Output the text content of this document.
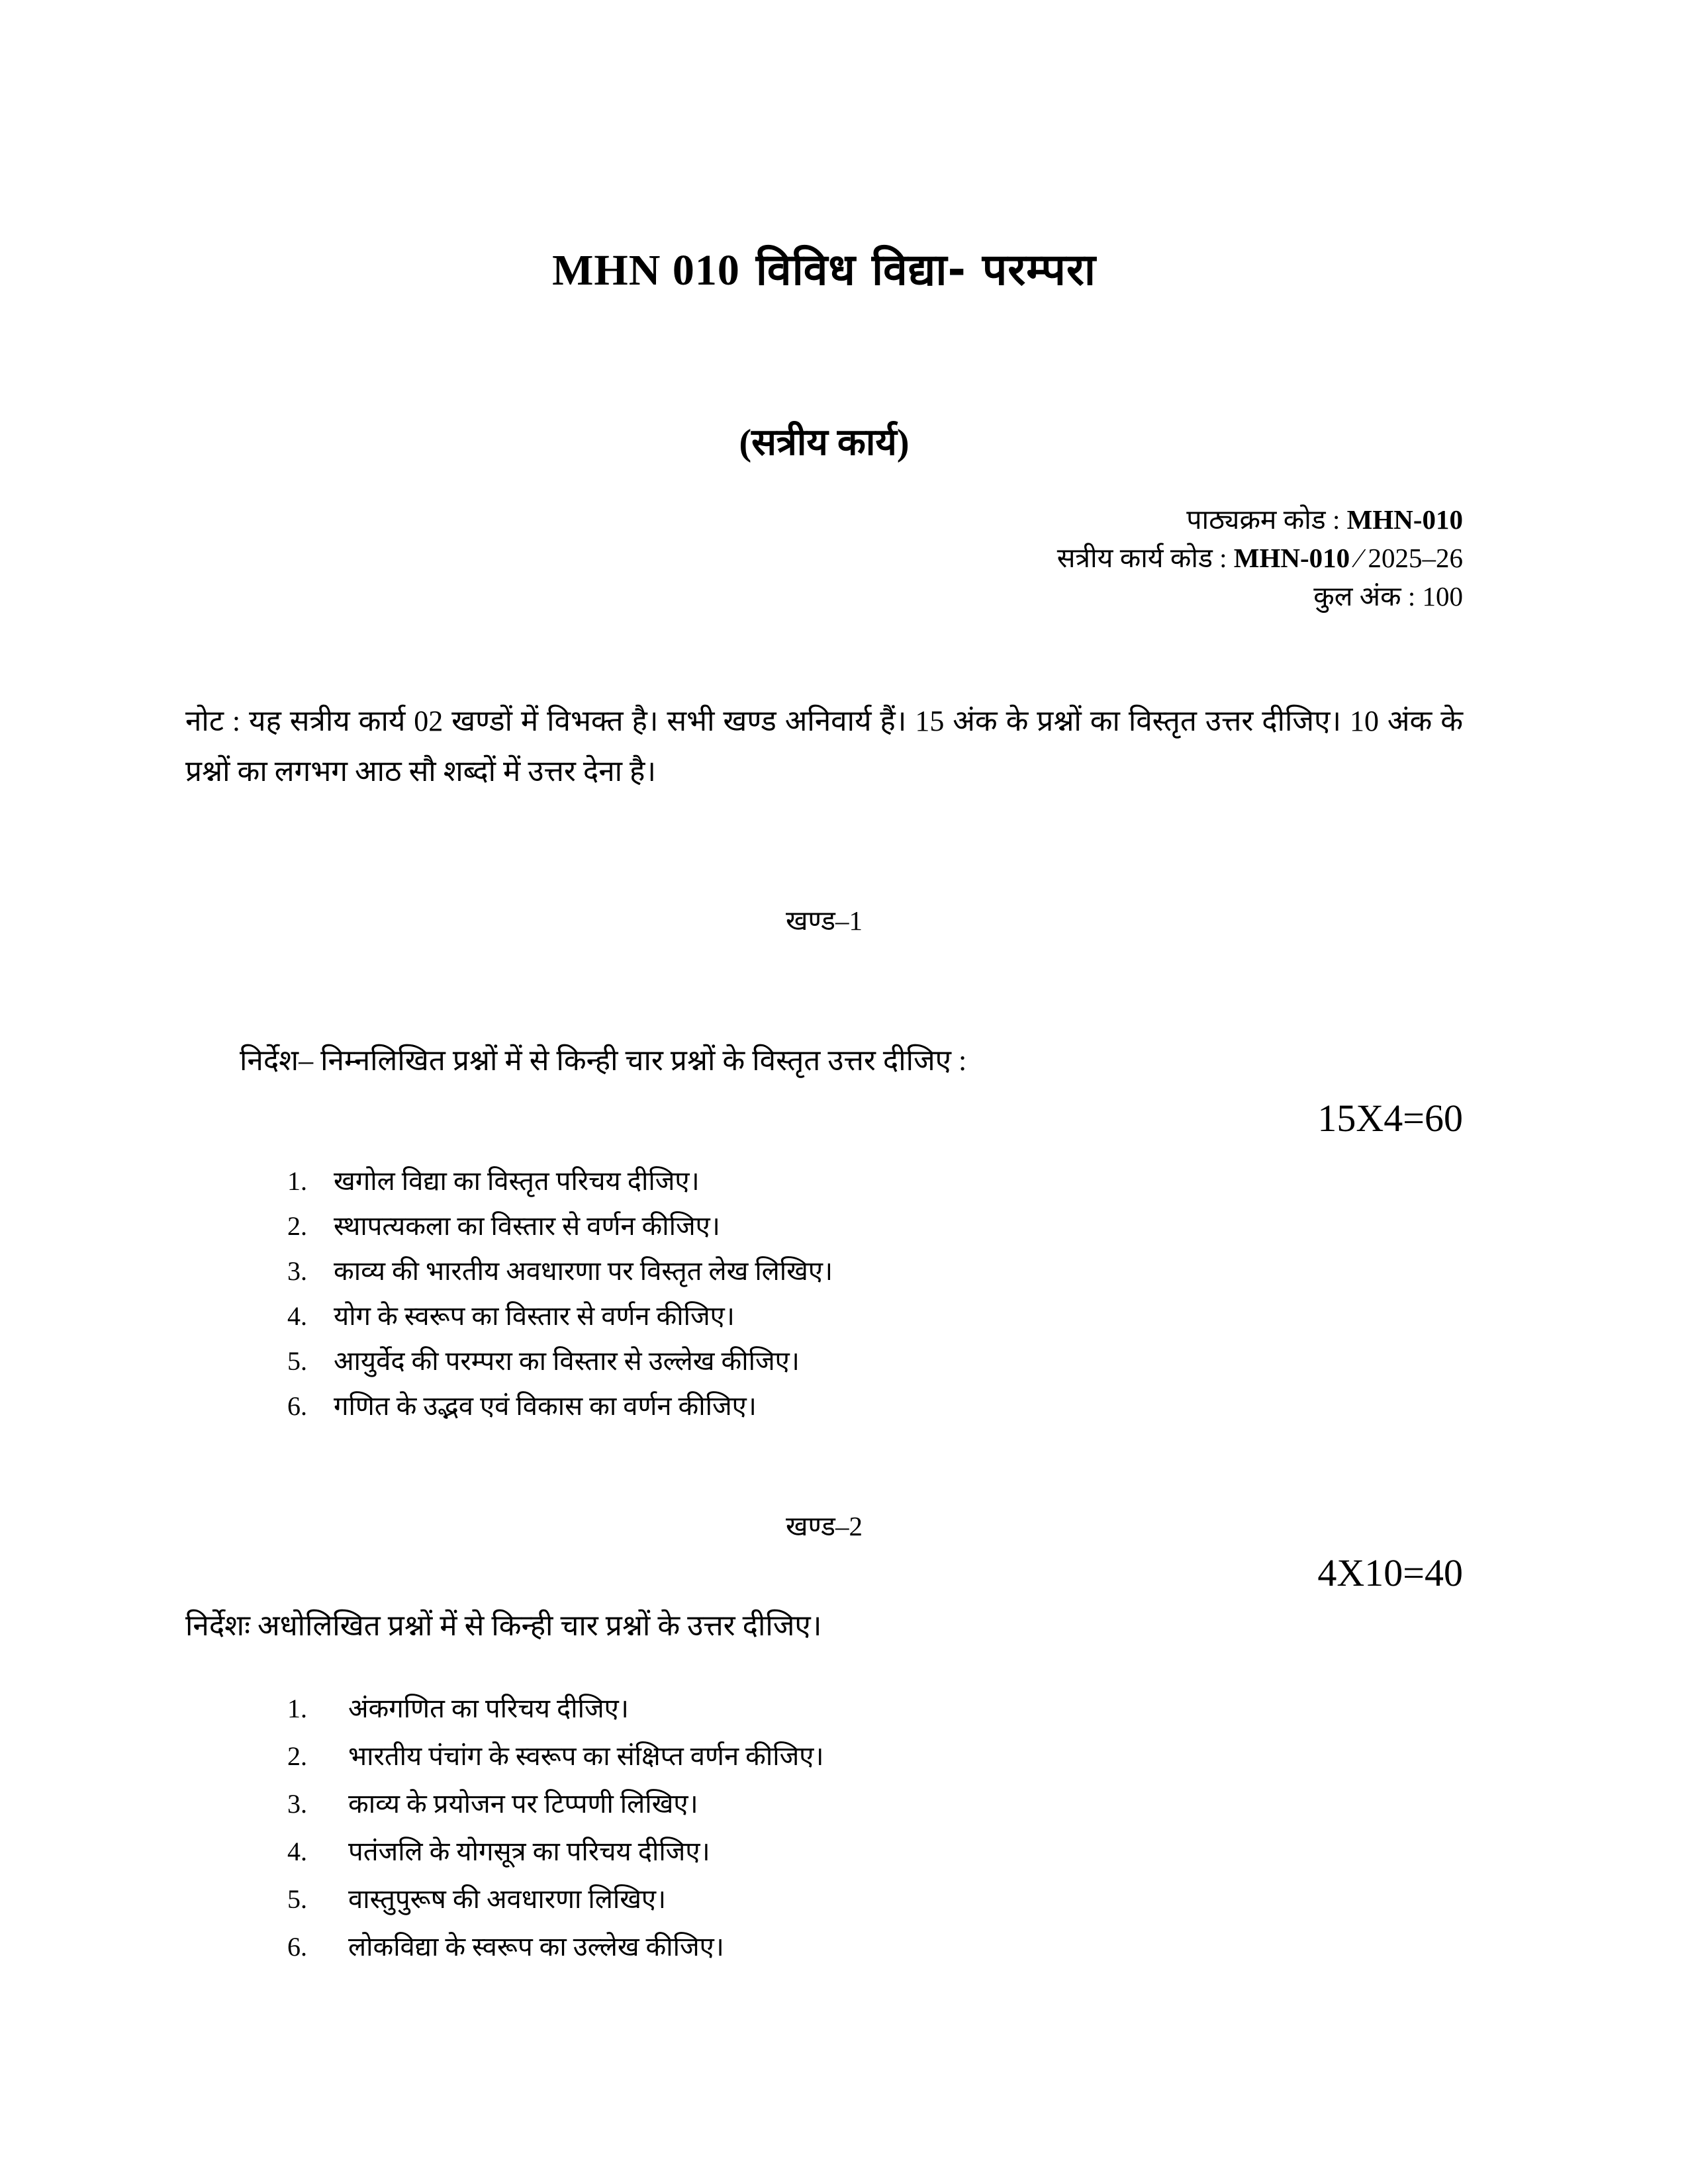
MHN 010 विविध विद्या- परम्परा
(सत्रीय कार्य)
पाठ्यक्रम कोड : MHN-010
सत्रीय कार्य कोड : MHN-010 ⁄ 2025–26
कुल अंक : 100
नोट : यह सत्रीय कार्य 02 खण्डों में विभक्त है। सभी खण्ड अनिवार्य हैं। 15 अंक के प्रश्नों का विस्तृत उत्तर दीजिए। 10 अंक के प्रश्नों का लगभग आठ सौ शब्दों में उत्तर देना है।
खण्ड–1
निर्देश– निम्नलिखित प्रश्नों में से किन्ही चार प्रश्नों के विस्तृत उत्तर दीजिए :
15X4=60
1.	खगोल विद्या का विस्तृत परिचय दीजिए।
2.	स्थापत्यकला का विस्तार से वर्णन कीजिए।
3.	काव्य की भारतीय अवधारणा पर विस्तृत लेख लिखिए।
4.	योग के स्वरूप का विस्तार से वर्णन कीजिए।
5.	आयुर्वेद की परम्परा का विस्तार से उल्लेख कीजिए।
6.	गणित के उद्भव एवं विकास का वर्णन कीजिए।
खण्ड–2
4X10=40
निर्देशः अधोलिखित प्रश्नों में से किन्ही चार प्रश्नों के उत्तर दीजिए।
1.	अंकगणित का परिचय दीजिए।
2.	भारतीय पंचांग के स्वरूप का संक्षिप्त वर्णन कीजिए।
3.	काव्य के प्रयोजन पर टिप्पणी लिखिए।
4.	पतंजलि के योगसूत्र का परिचय दीजिए।
5.	वास्तुपुरूष की अवधारणा लिखिए।
6.	लोकविद्या के स्वरूप का उल्लेख कीजिए।
